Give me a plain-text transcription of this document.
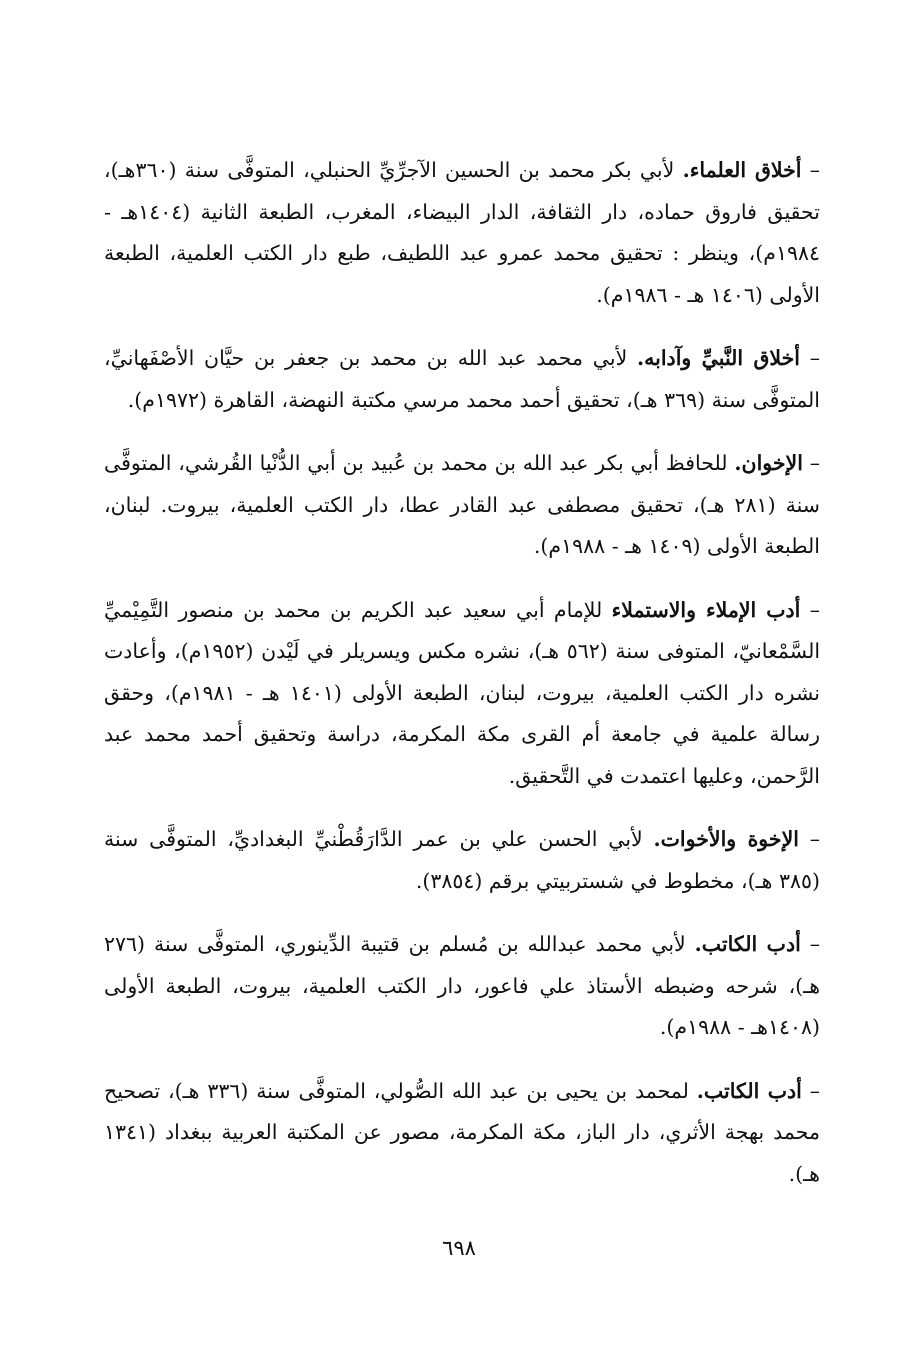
– أخلاق العلماء. لأبي بكر محمد بن الحسين الآجرِّيِّ الحنبلي، المتوفَّى سنة (٣٦٠هـ)، تحقيق فاروق حماده، دار الثقافة، الدار البيضاء، المغرب، الطبعة الثانية (١٤٠٤هـ - ١٩٨٤م)، وينظر : تحقيق محمد عمرو عبد اللطيف، طبع دار الكتب العلمية، الطبعة الأولى (١٤٠٦ هـ - ١٩٨٦م).

– أخلاق النَّبيِّ وآدابه. لأبي محمد عبد الله بن محمد بن جعفر بن حيَّان الأصْفَهانيِّ، المتوفَّى سنة (٣٦٩ هـ)، تحقيق أحمد محمد مرسي مكتبة النهضة، القاهرة (١٩٧٢م).

– الإخوان. للحافظ أبي بكر عبد الله بن محمد بن عُبيد بن أبي الدُّنْيا القُرشي، المتوفَّى سنة (٢٨١ هـ)، تحقيق مصطفى عبد القادر عطا، دار الكتب العلمية، بيروت. لبنان، الطبعة الأولى (١٤٠٩ هـ - ١٩٨٨م).

– أدب الإملاء والاستملاء للإمام أبي سعيد عبد الكريم بن محمد بن منصور التَّمِيْميِّ السَّمْعانيّ، المتوفى سنة (٥٦٢ هـ)، نشره مكس ويسريلر في لَيْدن (١٩٥٢م)، وأعادت نشره دار الكتب العلمية، بيروت، لبنان، الطبعة الأولى (١٤٠١ هـ - ١٩٨١م)، وحقق رسالة علمية في جامعة أم القرى مكة المكرمة، دراسة وتحقيق أحمد محمد عبد الرَّحمن، وعليها اعتمدت في التَّحقيق.

– الإخوة والأخوات. لأبي الحسن علي بن عمر الدَّارَقُطْنيِّ البغداديِّ، المتوفَّى سنة (٣٨٥ هـ)، مخطوط في شستربيتي برقم (٣٨٥٤).

– أدب الكاتب. لأبي محمد عبدالله بن مُسلم بن قتيبة الدِّينوري، المتوفَّى سنة (٢٧٦ هـ)، شرحه وضبطه الأستاذ علي فاعور، دار الكتب العلمية، بيروت، الطبعة الأولى (١٤٠٨هـ - ١٩٨٨م).

– أدب الكاتب. لمحمد بن يحيى بن عبد الله الصُّولي، المتوفَّى سنة (٣٣٦ هـ)، تصحيح محمد بهجة الأثري، دار الباز، مكة المكرمة، مصور عن المكتبة العربية ببغداد (١٣٤١ هـ).

٦٩٨
